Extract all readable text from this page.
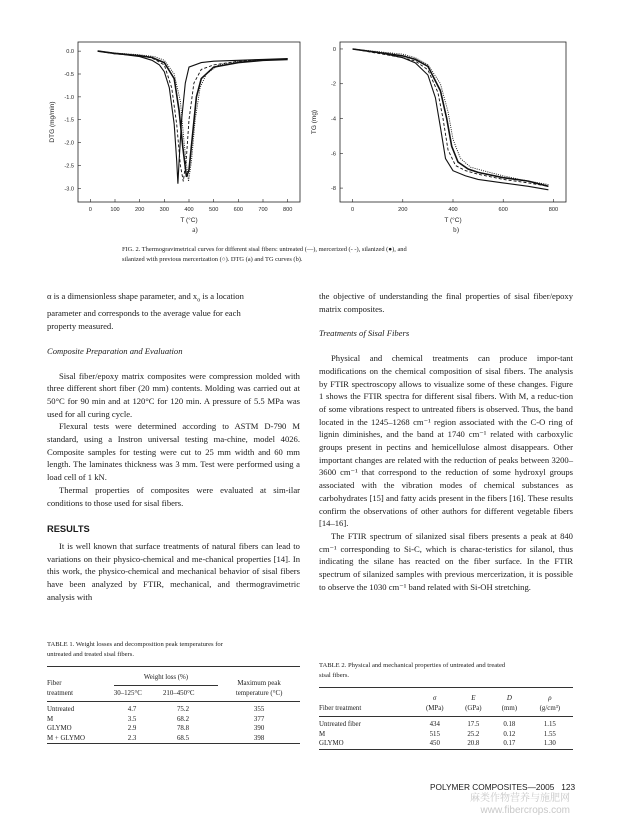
0	100	200	300	400	500	600	700	800
0.0
-0.5
-1.0
-1.5
-2.0
-2.5
-3.0
T (°C)
DTG (mg/min)
a)
0	200	400	600	800
0
-2
-4
-6
-8
T (°C)
TG (mg)
b)
FIG. 2. Thermogravimetrical curves for different sisal fibers: untreated (—), mercerized (- -), silanized (●), and
silanized with previous mercerization (○). DTG (a) and TG curves (b).

α is a dimensionless shape parameter, and $x_o$ is a location
parameter and corresponds to the average value for each
property measured.

Composite Preparation and Evaluation

Sisal fiber/epoxy matrix composites were compression molded with three different short fiber (20 mm) contents. Molding was carried out at 50°C for 90 min and at 120°C for 120 min. A pressure of 5.5 MPa was used for all curing cycle.

Flexural tests were determined according to ASTM D-790 M standard, using a Instron universal testing ma-chine, model 4026. Composite samples for testing were cut to 25 mm width and 60 mm length. The laminates thickness was 3 mm. Test were performed using a load cell of 1 kN.

Thermal properties of composites were evaluated at sim-ilar conditions to those used for sisal fibers.

RESULTS

It is well known that surface treatments of natural fibers can lead to variations on their physico-chemical and me-chanical properties [14]. In this work, the physico-chemical and mechanical behavior of sisal fibers have been analyzed by FTIR, mechanical, and thermogravimetric analysis with

TABLE 1. Weight losses and decomposition peak temperatures for
untreated and treated sisal fibers.

Fiber
treatment	Weight loss (%)		Maximum peak
temperature (°C)
	30–125°C	210–450°C	

Untreated	4.7	75.2	355
M	3.5	68.2	377
GLYMO	2.9	78.8	390
M + GLYMO	2.3	68.5	398

the objective of understanding the final properties of sisal fiber/epoxy matrix composites.

Treatments of Sisal Fibers

Physical and chemical treatments can produce impor-tant modifications on the chemical composition of sisal fibers. The analysis by FTIR spectroscopy allows to visualize some of these changes. Figure 1 shows the FTIR spectra for different sisal fibers. With M, a reduc-tion of some vibrations respect to untreated fibers is observed. Thus, the band located in the 1245–1268 cm⁻¹ region associated with the C-O ring of lignin diminishes, and the band at 1740 cm⁻¹ related with carboxylic groups present in pectins and hemicellulose almost disappears. Other important changes are related with the reduction of peaks between 3200–3600 cm⁻¹ that correspond to the reduction of some hydroxyl groups associated with the vibration modes of chemical substances as carbohydrates [15] and fatty acids present in the fibers [16]. These results confirm the observations of other authors for different vegetable fibers [14–16].

The FTIR spectrum of silanized sisal fibers presents a peak at 840 cm⁻¹ corresponding to Si-C, which is charac-teristics for silanol, thus indicating the silane has reacted on the fiber surface. In the FTIR spectrum of silanized samples with previous mercerization, it is possible to observe the 1030 cm⁻¹ band related with Si-OH stretching.

TABLE 2. Physical and mechanical properties of untreated and treated
sisal fibers.

Fiber treatment	σ	E	D	ρ
	(MPa)	(GPa)	(mm)	(g/cm³)

Untreated fiber	434	17.5	0.18	1.15
M	515	25.2	0.12	1.55
GLYMO	450	20.8	0.17	1.30
POLYMER COMPOSITES—2005 123
麻类作物营养与施肥网
www.fibercrops.com
